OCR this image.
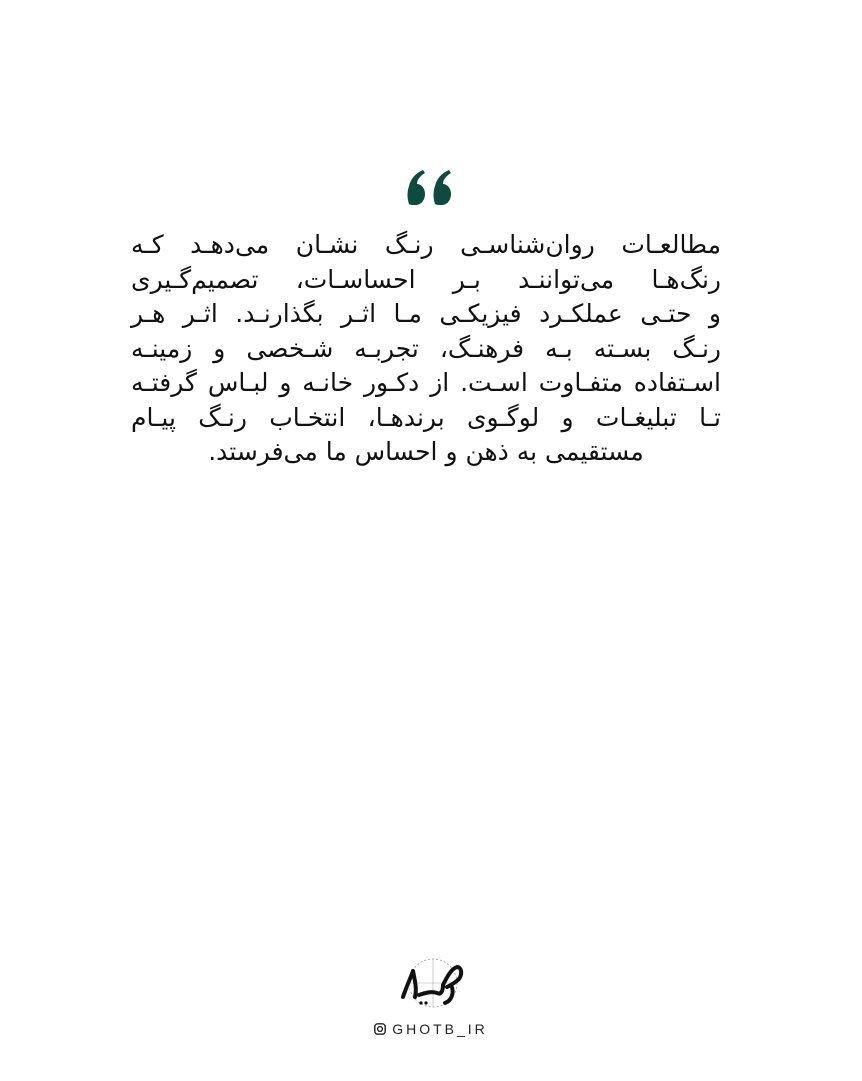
مطالعـات روان‌شناسـی رنـگ نشـان می‌دهـد کـه
رنگ‌هـا می‌تواننـد بـر احساسـات، تصمیم‌گـیری
و حتـی عملکـرد فیزیکـی مـا اثـر بگذارنـد. اثـر هـر
رنـگ بسـته بـه فرهنـگ، تجربـه شـخصی و زمینـه
اسـتفاده متفـاوت اسـت. از دکـور خانـه و لبـاس گرفتـه
تـا تبلیغـات و لوگـوی برندهـا، انتخـاب رنـگ پیـام
مستقیمی به ذهن و احساس ما می‌فرستد.
GHOTB_IR
